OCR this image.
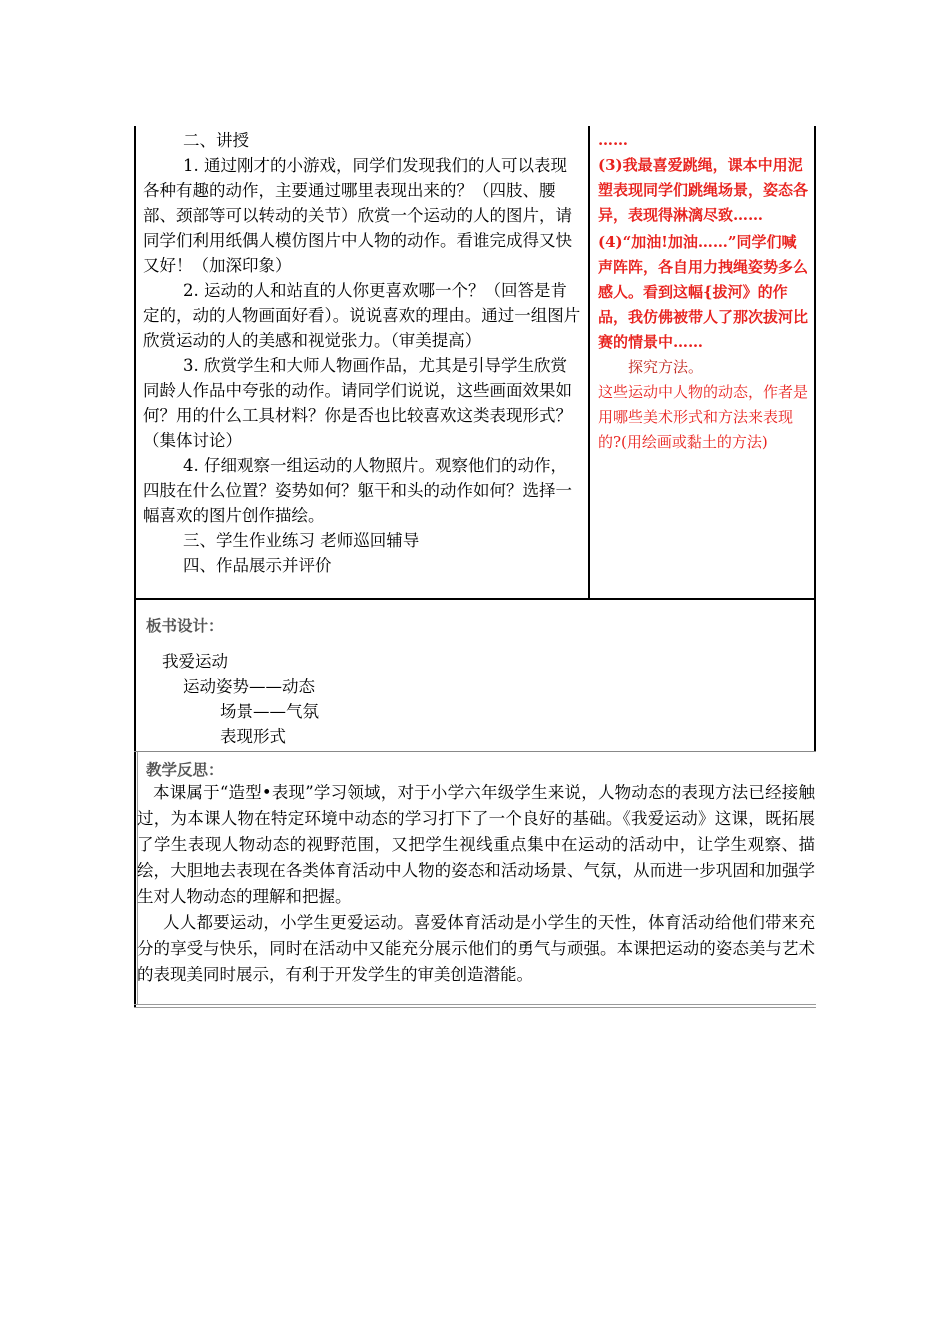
二、讲授

1. 通过刚才的小游戏，同学们发现我们的人可以表现各种有趣的动作，主要通过哪里表现出来的？（四肢、腰部、颈部等可以转动的关节）欣赏一个运动的人的图片，请同学们利用纸偶人模仿图片中人物的动作。看谁完成得又快又好！（加深印象）

2. 运动的人和站直的人你更喜欢哪一个？（回答是肯定的，动的人物画面好看）。说说喜欢的理由。通过一组图片欣赏运动的人的美感和视觉张力。（审美提高）

3. 欣赏学生和大师人物画作品，尤其是引导学生欣赏同龄人作品中夸张的动作。请同学们说说，这些画面效果如何？用的什么工具材料？你是否也比较喜欢这类表现形式？（集体讨论）

4. 仔细观察一组运动的人物照片。观察他们的动作，四肢在什么位置？姿势如何？躯干和头的动作如何？选择一幅喜欢的图片创作描绘。

三、学生作业练习 老师巡回辅导

四、作品展示并评价

……

(3)我最喜爱跳绳，课本中用泥塑表现同学们跳绳场景，姿态各异，表现得淋漓尽致……

(4)“加油!加油……”同学们喊声阵阵，各自用力拽绳姿势多么感人。看到这幅{拔河》的作品，我仿佛被带人了那次拔河比赛的情景中……

探究方法。

这些运动中人物的动态，作者是用哪些美术形式和方法来表现的?(用绘画或黏土的方法)

板书设计：
我爱运动
运动姿势——动态
场景——气氛
表现形式
教学反思：

本课属于“造型•表现”学习领域，对于小学六年级学生来说，人物动态的表现方法已经接触过，为本课人物在特定环境中动态的学习打下了一个良好的基础。《我爱运动》这课，既拓展了学生表现人物动态的视野范围，又把学生视线重点集中在运动的活动中，让学生观察、描绘，大胆地去表现在各类体育活动中人物的姿态和活动场景、气氛，从而进一步巩固和加强学生对人物动态的理解和把握。

人人都要运动，小学生更爱运动。喜爱体育活动是小学生的天性，体育活动给他们带来充分的享受与快乐，同时在活动中又能充分展示他们的勇气与顽强。本课把运动的姿态美与艺术的表现美同时展示，有利于开发学生的审美创造潜能。
